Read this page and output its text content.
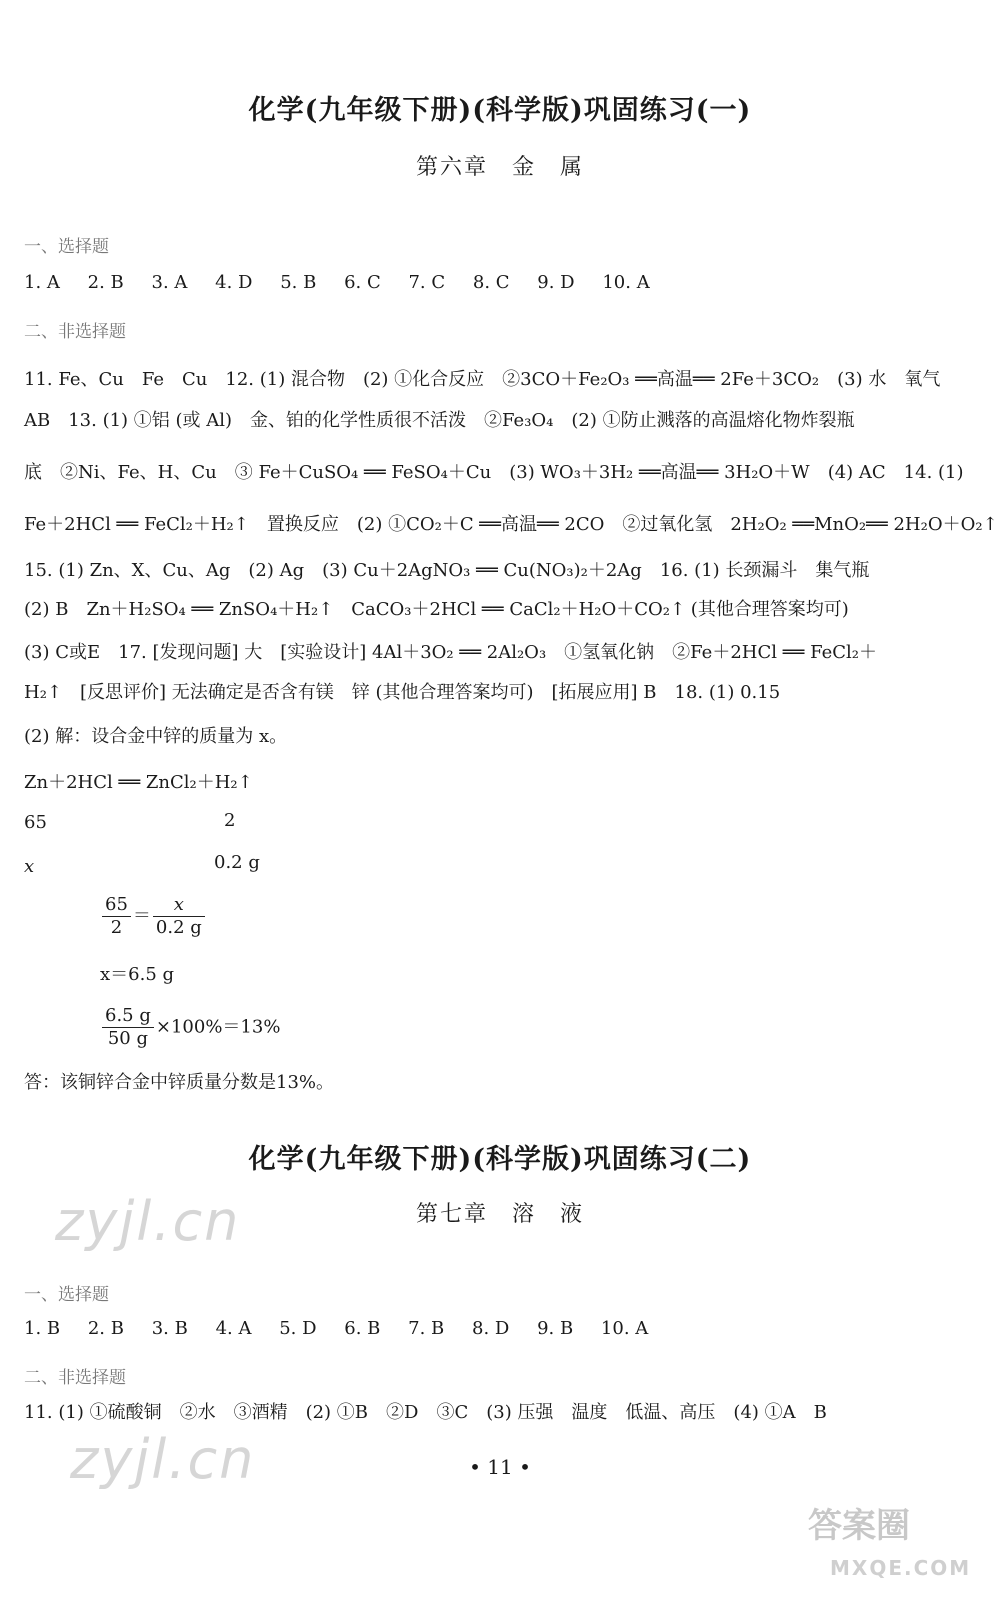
化学(九年级下册)(科学版)巩固练习(一)
第六章　金　属
一、选择题
1. A 2. B 3. A 4. D 5. B 6. C 7. C 8. C 9. D 10. A
二、非选择题
11. Fe、Cu　Fe　Cu　12. (1) 混合物　(2) ①化合反应　②3CO＋Fe₂O₃ ══高温══ 2Fe＋3CO₂　(3) 水　氧气
AB　13. (1) ①铝 (或 Al)　金、铂的化学性质很不活泼　②Fe₃O₄　(2) ①防止溅落的高温熔化物炸裂瓶
底　②Ni、Fe、H、Cu　③ Fe＋CuSO₄ ══ FeSO₄＋Cu　(3) WO₃＋3H₂ ══高温══ 3H₂O＋W　(4) AC　14. (1)
Fe＋2HCl ══ FeCl₂＋H₂↑　置换反应　(2) ①CO₂＋C ══高温══ 2CO　②过氧化氢　2H₂O₂ ══MnO₂══ 2H₂O＋O₂↑
15. (1) Zn、X、Cu、Ag　(2) Ag　(3) Cu＋2AgNO₃ ══ Cu(NO₃)₂＋2Ag　16. (1) 长颈漏斗　集气瓶
(2) B　Zn＋H₂SO₄ ══ ZnSO₄＋H₂↑　CaCO₃＋2HCl ══ CaCl₂＋H₂O＋CO₂↑ (其他合理答案均可)
(3) C或E　17. [发现问题] 大　[实验设计] 4Al＋3O₂ ══ 2Al₂O₃　①氢氧化钠　②Fe＋2HCl ══ FeCl₂＋
H₂↑　[反思评价] 无法确定是否含有镁　锌 (其他合理答案均可)　[拓展应用] B　18. (1) 0.15
(2) 解：设合金中锌的质量为 x。
Zn＋2HCl ══ ZnCl₂＋H₂↑
65	2
x	0.2 g
$\frac{65}{2} = \frac{x}{0.2 g}$
x＝6.5 g
$\frac{6.5 g}{50 g} \times 100\%=13\%$
答：该铜锌合金中锌质量分数是13%。
化学(九年级下册)(科学版)巩固练习(二)
第七章　溶　液
一、选择题
1. B 2. B 3. B 4. A 5. D 6. B 7. B 8. D 9. B 10. A
二、非选择题
11. (1) ①硫酸铜　②水　③酒精　(2) ①B　②D　③C　(3) 压强　温度　低温、高压　(4) ①A　B
• 11 •
zyjl.cn
zyjl.cn
答案圈
MXQE.COM
